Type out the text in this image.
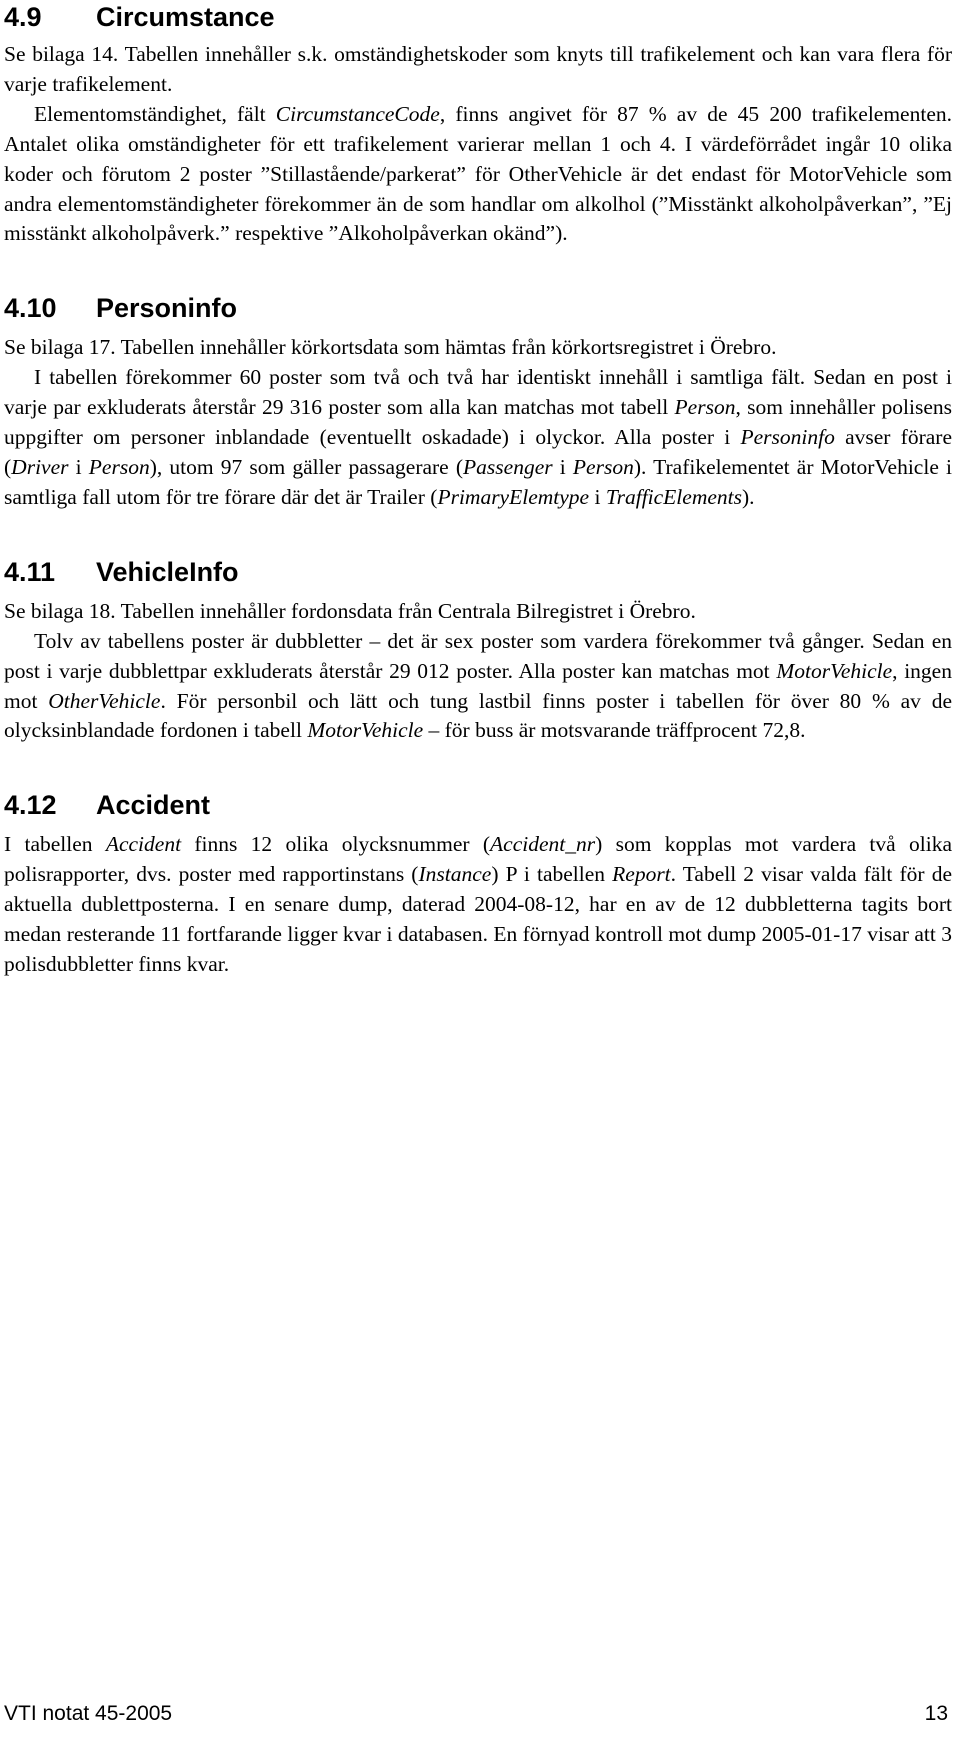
4.9 Circumstance

Se bilaga 14. Tabellen innehåller s.k. omständighetskoder som knyts till trafikelement och kan vara flera för varje trafikelement.

Elementomständighet, fält CircumstanceCode, finns angivet för 87 % av de 45 200 trafikelementen. Antalet olika omständigheter för ett trafikelement varierar mellan 1 och 4. I värdeförrådet ingår 10 olika koder och förutom 2 poster ”Stillastående/parkerat” för OtherVehicle är det endast för MotorVehicle som andra elementomständigheter förekommer än de som handlar om alkolhol (”Misstänkt alkoholpåverkan”, ”Ej misstänkt alkoholpåverk.” respektive ”Alkoholpåverkan okänd”).

4.10 Personinfo

Se bilaga 17. Tabellen innehåller körkortsdata som hämtas från körkortsregistret i Örebro.

I tabellen förekommer 60 poster som två och två har identiskt innehåll i samtliga fält. Sedan en post i varje par exkluderats återstår 29 316 poster som alla kan matchas mot tabell Person, som innehåller polisens uppgifter om personer inblandade (eventuellt oskadade) i olyckor. Alla poster i Personinfo avser förare (Driver i Person), utom 97 som gäller passagerare (Passenger i Person). Trafikelementet är MotorVehicle i samtliga fall utom för tre förare där det är Trailer (PrimaryElemtype i TrafficElements).

4.11 VehicleInfo

Se bilaga 18. Tabellen innehåller fordonsdata från Centrala Bilregistret i Örebro.

Tolv av tabellens poster är dubbletter – det är sex poster som vardera förekommer två gånger. Sedan en post i varje dubblettpar exkluderats återstår 29 012 poster. Alla poster kan matchas mot MotorVehicle, ingen mot OtherVehicle. För personbil och lätt och tung lastbil finns poster i tabellen för över 80 % av de olycksinblandade fordonen i tabell MotorVehicle – för buss är motsvarande träffprocent 72,8.

4.12 Accident

I tabellen Accident finns 12 olika olycksnummer (Accident_nr) som kopplas mot vardera två olika polisrapporter, dvs. poster med rapportinstans (Instance) P i tabellen Report. Tabell 2 visar valda fält för de aktuella dublettposterna. I en senare dump, daterad 2004-08-12, har en av de 12 dubbletterna tagits bort medan resterande 11 fortfarande ligger kvar i databasen. En förnyad kontroll mot dump 2005-01-17 visar att 3 polisdubbletter finns kvar.

VTI notat 45-2005	13
